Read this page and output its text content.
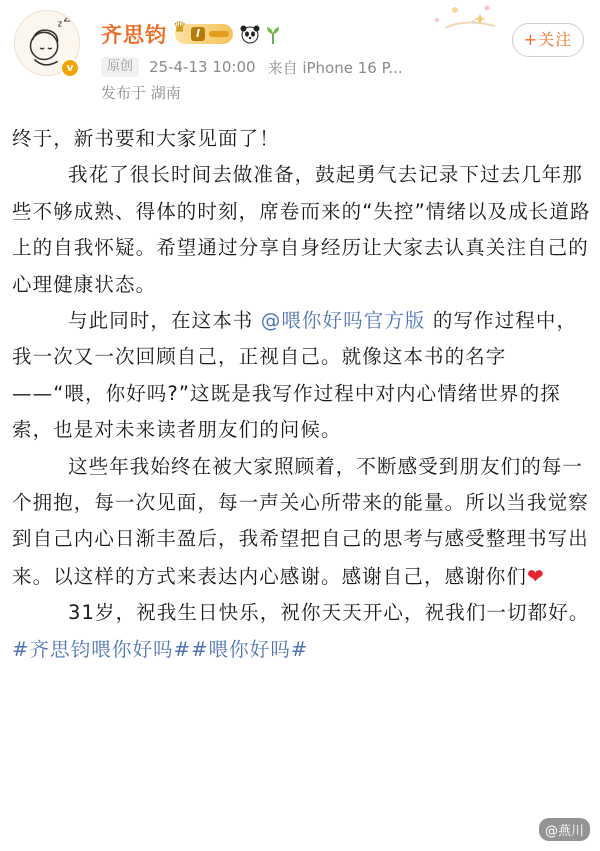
z Z
v
齐思钧 ♛ I	+关注
原创	25-4-13 10:00 来自 iPhone 16 P...
发布于 湖南

终于，新书要和大家见面了！

我花了很长时间去做准备，鼓起勇气去记录下过去几年那些不够成熟、得体的时刻，席卷而来的“失控”情绪以及成长道路上的自我怀疑。希望通过分享自身经历让大家去认真关注自己的心理健康状态。

与此同时，在这本书 @喂你好吗官方版 的写作过程中，我一次又一次回顾自己，正视自己。就像这本书的名字——“喂，你好吗?”这既是我写作过程中对内心情绪世界的探索，也是对未来读者朋友们的问候。

这些年我始终在被大家照顾着，不断感受到朋友们的每一个拥抱，每一次见面，每一声关心所带来的能量。所以当我觉察到自己内心日渐丰盈后，我希望把自己的思考与感受整理书写出来。以这样的方式来表达内心感谢。感谢自己，感谢你们❤

31岁，祝我生日快乐，祝你天天开心，祝我们一切都好。#齐思钧喂你好吗##喂你好吗#

@燕川
